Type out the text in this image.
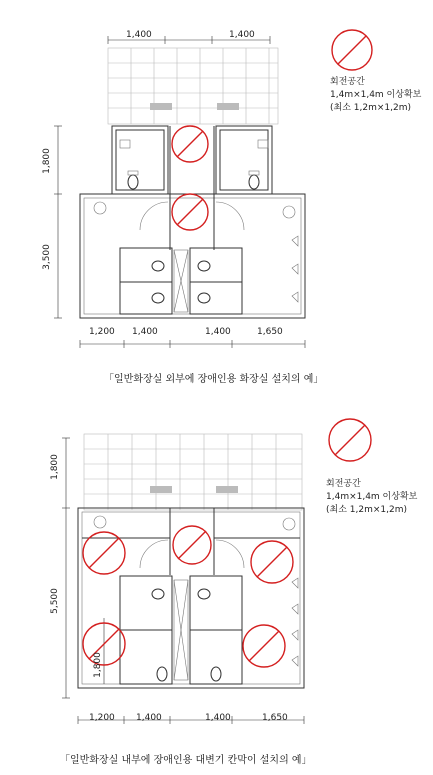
1,400	1,400
1,800
3,500
1,200 1,400	1,400	1,650
회전공간
1,4m×1,4m 이상확보
(최소 1,2m×1,2m)
「일반화장실 외부에 장애인용 화장실 설치의 예」
1,800
5,500
1,800
1,200 1,400	1,400	1,650
회전공간
1,4m×1,4m 이상확보
(최소 1,2m×1,2m)
「일반화장실 내부에 장애인용 대변기 칸막이 설치의 예」
